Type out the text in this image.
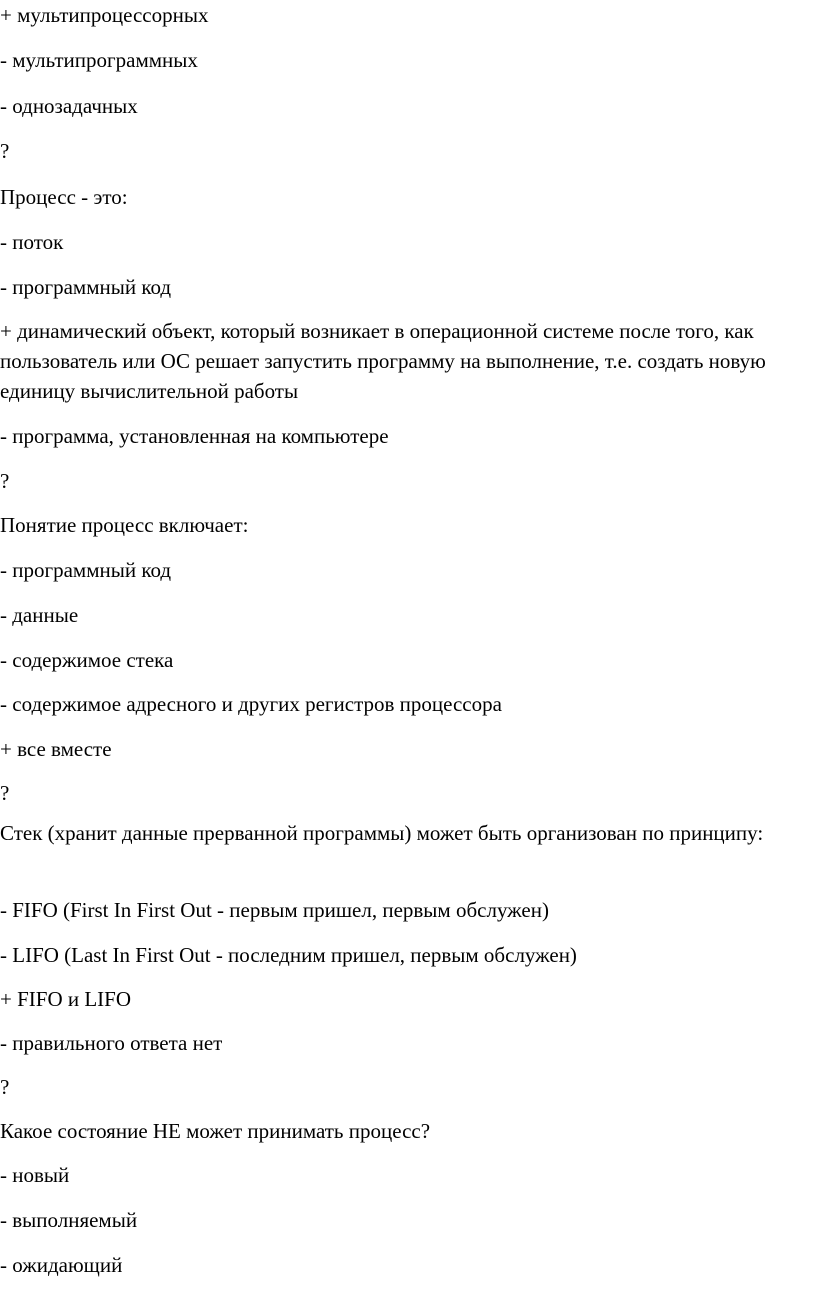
+ мультипроцессорных

- мультипрограммных

- однозадачных

?

Процесс - это:

- поток

- программный код

+ динамический объект, который возникает в операционной системе после того, как пользователь или ОС решает запустить программу на выполнение, т.е. создать новую единицу вычислительной работы

- программа, установленная на компьютере

?

Понятие процесс включает:

- программный код

- данные

- содержимое стека

- содержимое адресного и других регистров процессора

+ все вместе

?

Стек (хранит данные прерванной программы) может быть организован по принципу:

- FIFO (First In First Out - первым пришел, первым обслужен)

- LIFO (Last In First Out - последним пришел, первым обслужен)

+ FIFO и LIFO

- правильного ответа нет

?

Какое состояние НЕ может принимать процесс?

- новый

- выполняемый

- ожидающий
